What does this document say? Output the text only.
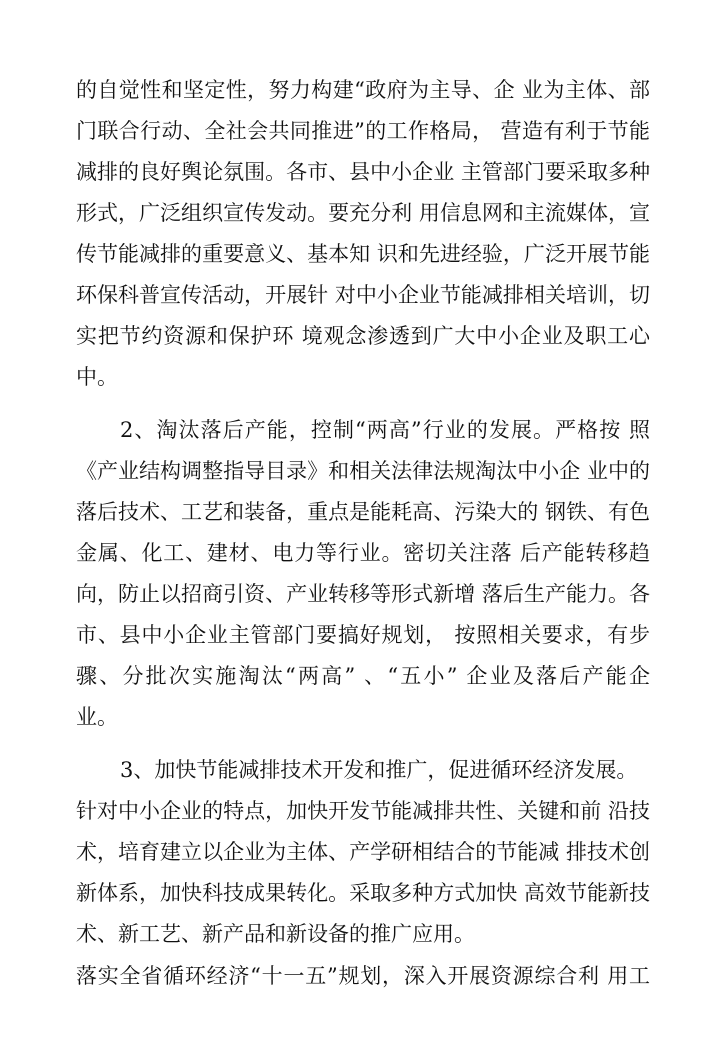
的自觉性和坚定性，努力构建“政府为主导、企 业为主体、部
门联合行动、全社会共同推进”的工作格局， 营造有利于节能
减排的良好舆论氛围。各市、县中小企业 主管部门要采取多种
形式，广泛组织宣传发动。要充分利 用信息网和主流媒体，宣
传节能减排的重要意义、基本知 识和先进经验，广泛开展节能
环保科普宣传活动，开展针 对中小企业节能减排相关培训，切
实把节约资源和保护环 境观念渗透到广大中小企业及职工心
中。
2、淘汰落后产能，控制“两高”行业的发展。严格按 照
《产业结构调整指导目录》和相关法律法规淘汰中小企 业中的
落后技术、工艺和装备，重点是能耗高、污染大的 钢铁、有色
金属、化工、建材、电力等行业。密切关注落 后产能转移趋
向，防止以招商引资、产业转移等形式新增 落后生产能力。各
市、县中小企业主管部门要搞好规划， 按照相关要求，有步
骤、分批次实施淘汰“两高” 、“五小” 企业及落后产能企
业。
3、加快节能减排技术开发和推广，促进循环经济发展。
针对中小企业的特点，加快开发节能减排共性、关键和前 沿技
术，培育建立以企业为主体、产学研相结合的节能减 排技术创
新体系，加快科技成果转化。采取多种方式加快 高效节能新技
术、新工艺、新产品和新设备的推广应用。
落实全省循环经济“十一五”规划，深入开展资源综合利 用工
